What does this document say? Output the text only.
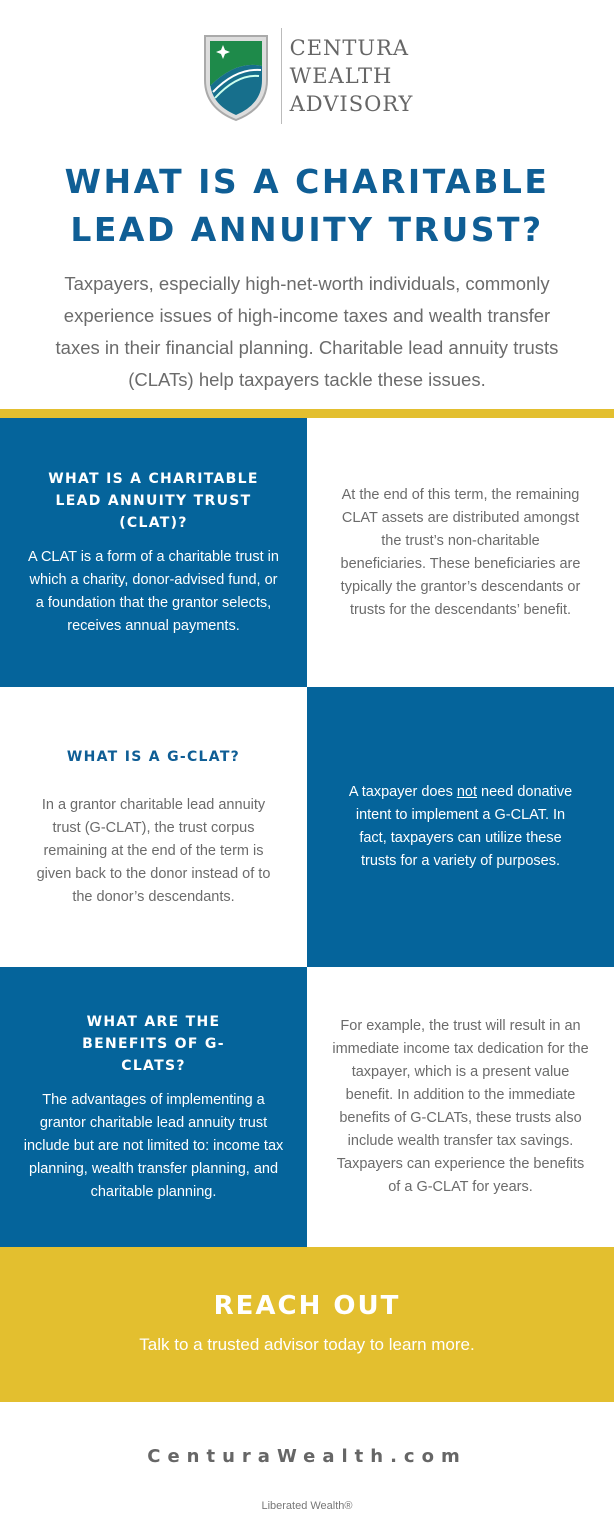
CENTURA
WEALTH
ADVISORY
WHAT IS A CHARITABLE
LEAD ANNUITY TRUST?

Taxpayers, especially high-net-worth individuals, commonly experience issues of high-income taxes and wealth transfer taxes in their financial planning. Charitable lead annuity trusts (CLATs) help taxpayers tackle these issues.

WHAT IS A CHARITABLE LEAD ANNUITY TRUST (CLAT)?

A CLAT is a form of a charitable trust in which a charity, donor-advised fund, or a foundation that the grantor selects, receives annual payments.

At the end of this term, the remaining CLAT assets are distributed amongst the trust’s non-charitable beneficiaries. These beneficiaries are typically the grantor’s descendants or trusts for the descendants’ benefit.

WHAT IS A G-CLAT?

In a grantor charitable lead annuity trust (G-CLAT), the trust corpus remaining at the end of the term is given back to the donor instead of to the donor’s descendants.

A taxpayer does not need donative intent to implement a G-CLAT. In fact, taxpayers can utilize these trusts for a variety of purposes.

WHAT ARE THE BENEFITS OF G-CLATS?

The advantages of implementing a grantor charitable lead annuity trust include but are not limited to: income tax planning, wealth transfer planning, and charitable planning.

For example, the trust will result in an immediate income tax dedication for the taxpayer, which is a present value benefit. In addition to the immediate benefits of G-CLATs, these trusts also include wealth transfer tax savings. Taxpayers can experience the benefits of a G-CLAT for years.

REACH OUT

Talk to a trusted advisor today to learn more.

CenturaWealth.com
Liberated Wealth®
